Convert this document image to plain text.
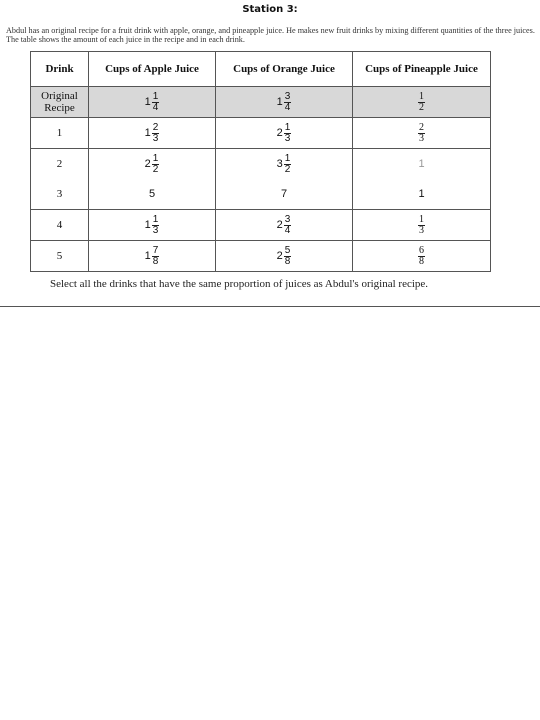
Station 3:
Abdul has an original recipe for a fruit drink with apple, orange, and pineapple juice. He makes new fruit drinks by mixing different quantities of the three juices. The table shows the amount of each juice in the recipe and in each drink.
Drink	Cups of Apple Juice	Cups of Orange Juice	Cups of Pineapple Juice
Original Recipe	$1 \frac{1}{4}$	$1 \frac{3}{4}$	$\frac{1}{2}$

1	$1 \frac{2}{3}$	$2 \frac{1}{3}$	$\frac{2}{3}$

2	$2 \frac{1}{2}$	$3 \frac{1}{2}$	1
3	5	7	1
4	$1 \frac{1}{3}$	$2 \frac{3}{4}$	$\frac{1}{3}$

5	$1 \frac{7}{8}$	$2 \frac{5}{8}$	$\frac{6}{8}$
Select all the drinks that have the same proportion of juices as Abdul's original recipe.
